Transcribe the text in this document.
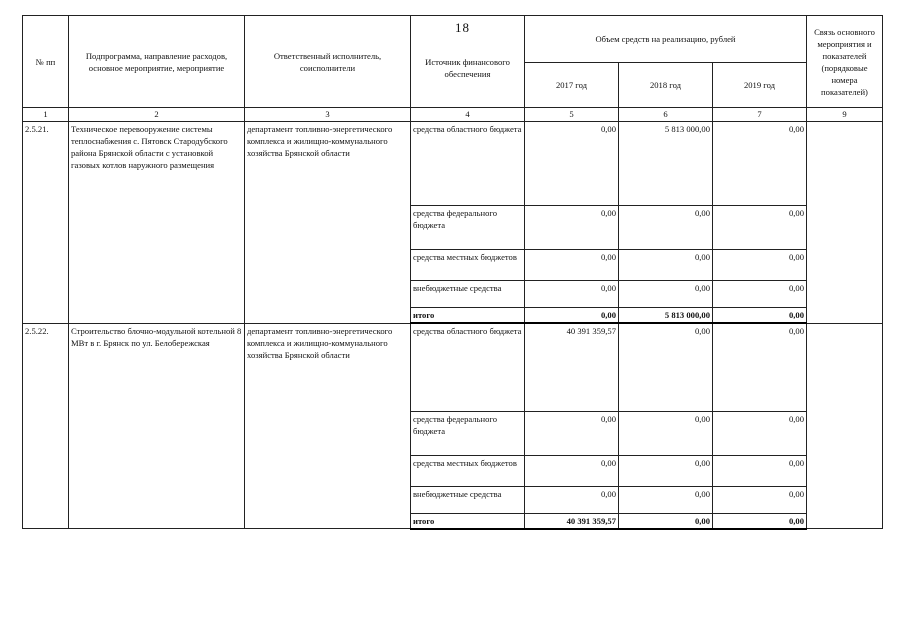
18
№ пп	Подпрограмма, направление расходов, основное мероприятие, мероприятие	Ответственный исполнитель, соисполнители	Источник финансового обеспечения	Объем средств на реализацию, рублей			Связь основного мероприятия и показателей (порядковые номера показателей)
				2017 год	2018 год	2019 год	
1	2	3	4	5	6	7	9
2.5.21.	Техническое перевооружение системы теплоснабжения с. Пятовск Стародубского района Брянской области с установкой газовых котлов наружного размещения	департамент топливно-энергетического комплекса и жилищно-коммунального хозяйства Брянской области	средства областного бюджета	0,00	5 813 000,00	0,00	
			средства федерального бюджета	0,00	0,00	0,00	
			средства местных бюджетов	0,00	0,00	0,00	
			внебюджетные средства	0,00	0,00	0,00	
			итого	0,00	5 813 000,00	0,00	
2.5.22.	Строительство блочно-модульной котельной 8 МВт в г. Брянск по ул. Белобережская	департамент топливно-энергетического комплекса и жилищно-коммунального хозяйства Брянской области	средства областного бюджета	40 391 359,57	0,00	0,00	
			средства федерального бюджета	0,00	0,00	0,00	
			средства местных бюджетов	0,00	0,00	0,00	
			внебюджетные средства	0,00	0,00	0,00	
			итого	40 391 359,57	0,00	0,00	
